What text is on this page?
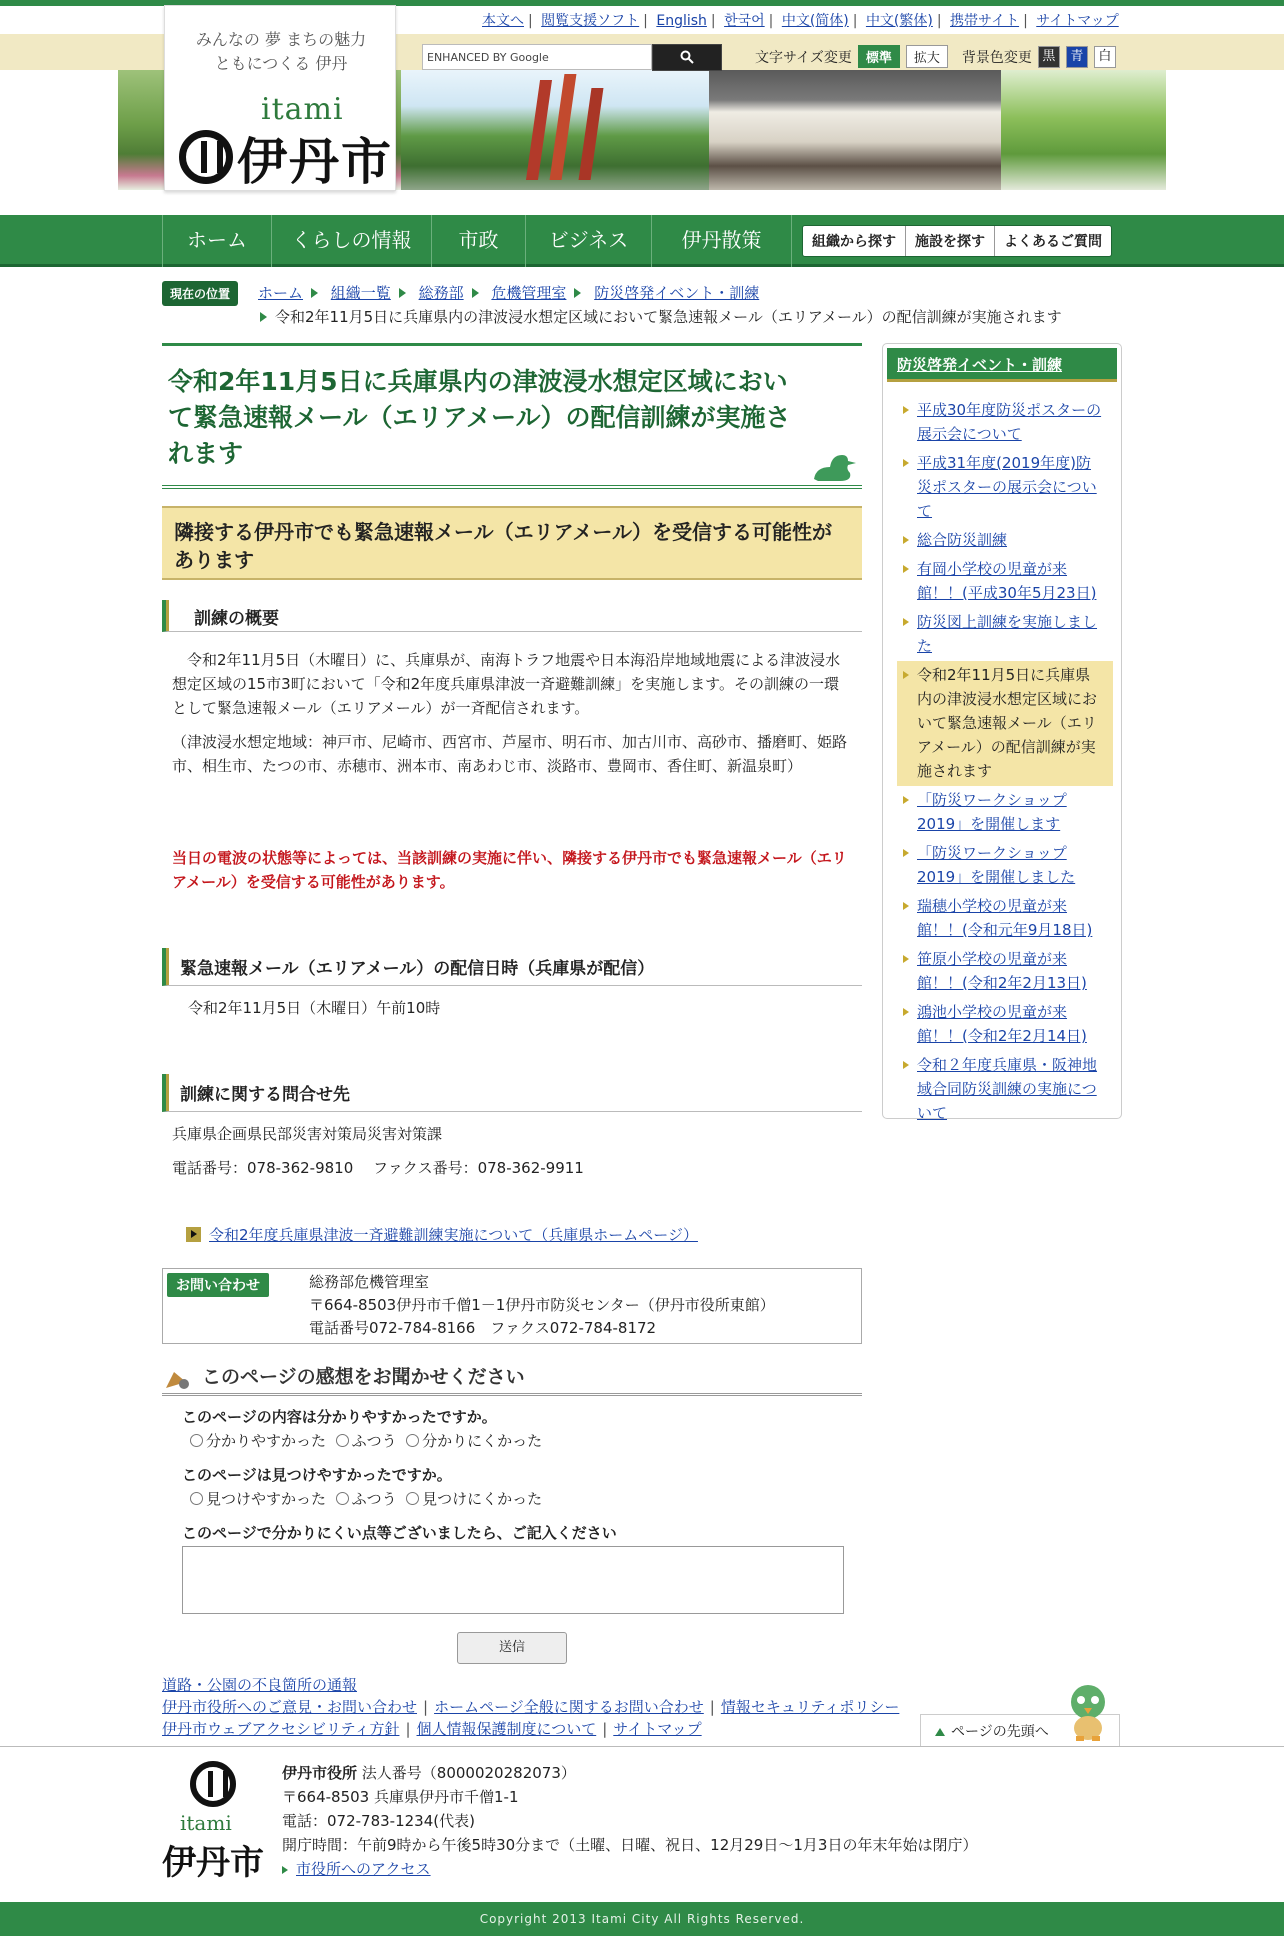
みんなの 夢 まちの魅力
ともにつくる 伊丹
itami
伊丹市
本文へ | 閲覧支援ソフト | English | 한국어 | 中文(简体) | 中文(繁体) | 携帯サイト | サイトマップ
ENHANCED BY Google	文字サイズ変更	標準	拡大	背景色変更 黒	青	白
ホーム	くらしの情報	市政	ビジネス	伊丹散策	組織から探す	施設を探す	よくあるご質問
現在の位置	ホーム 組織一覧 総務部 危機管理室 防災啓発イベント・訓練
令和2年11月5日に兵庫県内の津波浸水想定区域において緊急速報メール（エリアメール）の配信訓練が実施されます
令和2年11月5日に兵庫県内の津波浸水想定区域において緊急速報メール（エリアメール）の配信訓練が実施されます
隣接する伊丹市でも緊急速報メール（エリアメール）を受信する可能性があります
訓練の概要
令和2年11月5日（木曜日）に、兵庫県が、南海トラフ地震や日本海沿岸地域地震による津波浸水想定区域の15市3町において「令和2年度兵庫県津波一斉避難訓練」を実施します。その訓練の一環として緊急速報メール（エリアメール）が一斉配信されます。
（津波浸水想定地域：神戸市、尼崎市、西宮市、芦屋市、明石市、加古川市、高砂市、播磨町、姫路市、相生市、たつの市、赤穂市、洲本市、南あわじ市、淡路市、豊岡市、香住町、新温泉町）
当日の電波の状態等によっては、当該訓練の実施に伴い、隣接する伊丹市でも緊急速報メール（エリアメール）を受信する可能性があります。
緊急速報メール（エリアメール）の配信日時（兵庫県が配信）
令和2年11月5日（木曜日）午前10時
訓練に関する問合せ先
兵庫県企画県民部災害対策局災害対策課
電話番号：078-362-9810　 ファクス番号：078-362-9911
令和2年度兵庫県津波一斉避難訓練実施について（兵庫県ホームページ）
お問い合わせ	総務部危機管理室
〒664-8503伊丹市千僧1－1伊丹市防災センター（伊丹市役所東館）
電話番号072-784-8166　ファクス072-784-8172
このページの感想をお聞かせください
このページの内容は分かりやすかったですか。
分かりやすかった ふつう 分かりにくかった
このページは見つけやすかったですか。
見つけやすかった ふつう 見つけにくかった
このページで分かりにくい点等ございましたら、ご記入ください
送信
道路・公園の不良箇所の通報
伊丹市役所へのご意見・お問い合わせ | ホームページ全般に関するお問い合わせ | 情報セキュリティポリシー
伊丹市ウェブアクセシビリティ方針 | 個人情報保護制度について | サイトマップ	ページの先頭へ
itami
伊丹市
伊丹市役所 法人番号（8000020282073）
〒664-8503 兵庫県伊丹市千僧1-1
電話：072-783-1234(代表)
開庁時間：午前9時から午後5時30分まで（土曜、日曜、祝日、12月29日～1月3日の年末年始は閉庁）
市役所へのアクセス
Copyright 2013 Itami City All Rights Reserved.
防災啓発イベント・訓練
平成30年度防災ポスターの展示会について
平成31年度(2019年度)防災ポスターの展示会について
総合防災訓練
有岡小学校の児童が来館！！(平成30年5月23日)
防災図上訓練を実施しました
令和2年11月5日に兵庫県内の津波浸水想定区域において緊急速報メール（エリアメール）の配信訓練が実施されます
「防災ワークショップ2019」を開催します
「防災ワークショップ2019」を開催しました
瑞穂小学校の児童が来館！！(令和元年9月18日)
笹原小学校の児童が来館！！(令和2年2月13日)
鴻池小学校の児童が来館！！(令和2年2月14日)
令和２年度兵庫県・阪神地域合同防災訓練の実施について
